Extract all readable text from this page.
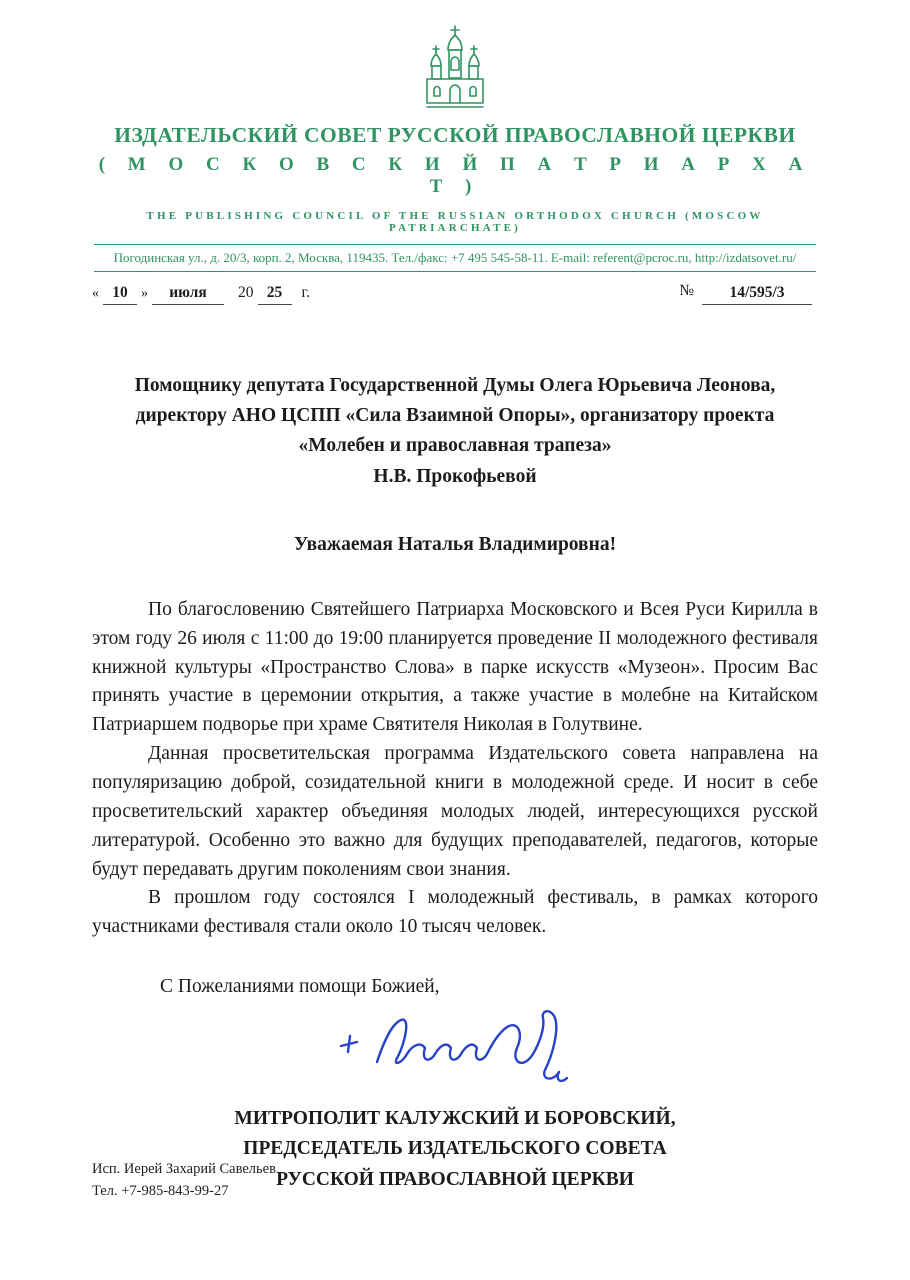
ИЗДАТЕЛЬСКИЙ СОВЕТ РУССКОЙ ПРАВОСЛАВНОЙ ЦЕРКВИ
( М О С К О В С К И Й П А Т Р И А Р Х А Т )
THE PUBLISHING COUNCIL OF THE RUSSIAN ORTHODOX CHURCH (MOSCOW PATRIARCHATE)
Погодинская ул., д. 20/3, корп. 2, Москва, 119435. Тел./факс: +7 495 545-58-11. E-mail: referent@pcroc.ru, http://izdatsovet.ru/
« 10 »	июля	20 25	г.	№	14/595/3
Помощнику депутата Государственной Думы Олега Юрьевича Леонова,
директору АНО ЦСПП «Сила Взаимной Опоры», организатору проекта
«Молебен и православная трапеза»
Н.В. Прокофьевой
Уважаемая Наталья Владимировна!

По благословению Святейшего Патриарха Московского и Всея Руси Кирилла в этом году 26 июля с 11:00 до 19:00 планируется проведение II молодежного фестиваля книжной культуры «Пространство Слова» в парке искусств «Музеон». Просим Вас принять участие в церемонии открытия, а также участие в молебне на Китайском Патриаршем подворье при храме Святителя Николая в Голутвине.

Данная просветительская программа Издательского совета направлена на популяризацию доброй, созидательной книги в молодежной среде. И носит в себе просветительский характер объединяя молодых людей, интересующихся русской литературой. Особенно это важно для будущих преподавателей, педагогов, которые будут передавать другим поколениям свои знания.

В прошлом году состоялся I молодежный фестиваль, в рамках которого участниками фестиваля стали около 10 тысяч человек.

С Пожеланиями помощи Божией,
МИТРОПОЛИТ КАЛУЖСКИЙ И БОРОВСКИЙ,
ПРЕДСЕДАТЕЛЬ ИЗДАТЕЛЬСКОГО СОВЕТА
РУССКОЙ ПРАВОСЛАВНОЙ ЦЕРКВИ
Исп. Иерей Захарий Савельев
Тел. +7-985-843-99-27
